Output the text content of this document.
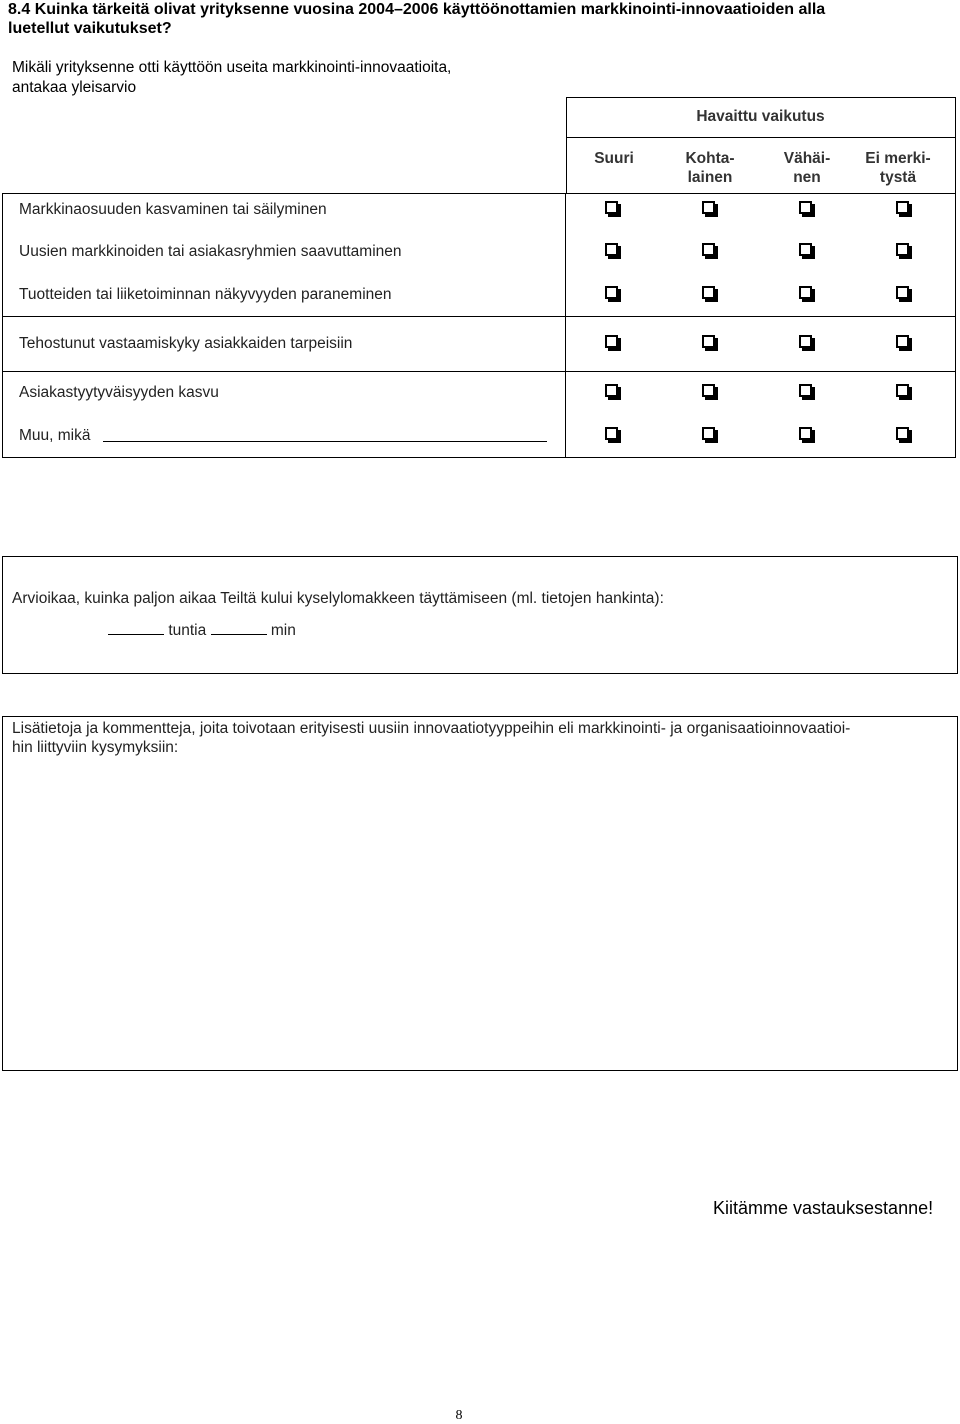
8.4 Kuinka tärkeitä olivat yrityksenne vuosina 2004–2006 käyttöönottamien markkinointi-innovaatioiden alla
luetellut vaikutukset?
Mikäli yrityksenne otti käyttöön useita markkinointi-innovaatioita,
antakaa yleisarvio
Havaittu vaikutus
Suuri	Kohta-
lainen
Vähäi-
nen
Ei merki-
tystä
Markkinaosuuden kasvaminen tai säilyminen
Uusien markkinoiden tai asiakasryhmien saavuttaminen
Tuotteiden tai liiketoiminnan näkyvyyden paraneminen
Tehostunut vastaamiskyky asiakkaiden tarpeisiin
Asiakastyytyväisyyden kasvu
Muu, mikä
Arvioikaa, kuinka paljon aikaa Teiltä kului kyselylomakkeen täyttämiseen (ml. tietojen hankinta):
tuntia	min
Lisätietoja ja kommentteja, joita toivotaan erityisesti uusiin innovaatiotyyppeihin eli markkinointi- ja organisaatioinnovaatioi-
hin liittyviin kysymyksiin:
Kiitämme vastauksestanne!
8
